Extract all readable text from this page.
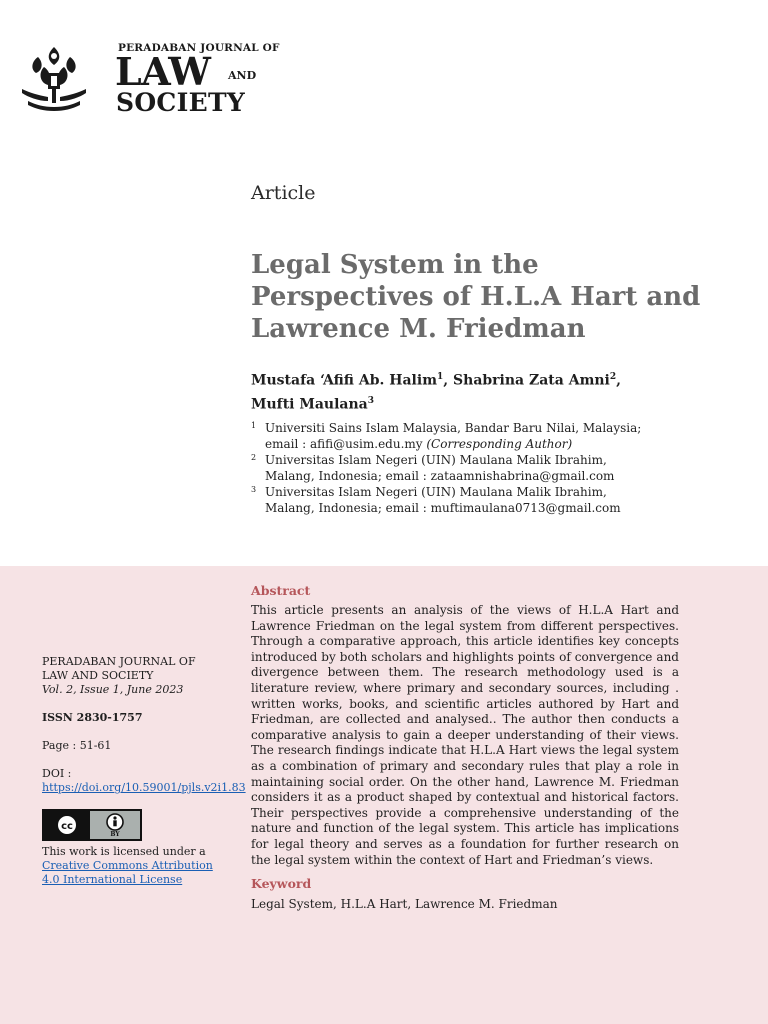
PERADABAN JOURNAL OF
LAW AND
SOCIETY
Article
Legal System in the Perspectives of H.L.A Hart and Lawrence M. Friedman
Mustafa ‘Afifi Ab. Halim$^1$, Shabrina Zata Amni$^2$,
Mufti Maulana$^3$
1 Universiti Sains Islam Malaysia, Bandar Baru Nilai, Malaysia;
email : afifi@usim.edu.my (Corresponding Author)
2 Universitas Islam Negeri (UIN) Maulana Malik Ibrahim,
Malang, Indonesia; email : zataamnishabrina@gmail.com
3 Universitas Islam Negeri (UIN) Maulana Malik Ibrahim,
Malang, Indonesia; email : muftimaulana0713@gmail.com
PERADABAN JOURNAL OF
LAW AND SOCIETY
Vol. 2, Issue 1, June 2023
ISSN 2830-1757
Page : 51-61
DOI : https://doi.org/10.59001/pjls.v2i1.83
cc
BY
This work is licensed under a
Creative Commons Attribution 4.0 International License
Abstract

This article presents an analysis of the views of H.L.A Hart and Lawrence Friedman on the legal system from different perspectives. Through a comparative approach, this article identifies key concepts introduced by both scholars and highlights points of convergence and divergence between them. The research methodology used is a literature review, where primary and secondary sources, including . written works, books, and scientific articles authored by Hart and Friedman, are collected and analysed.. The author then conducts a comparative analysis to gain a deeper understanding of their views. The research findings indicate that H.L.A Hart views the legal system as a combination of primary and secondary rules that play a role in maintaining social order. On the other hand, Lawrence M. Friedman considers it as a product shaped by contextual and historical factors. Their perspectives provide a comprehensive understanding of the nature and function of the legal system. This article has implications for legal theory and serves as a foundation for further research on the legal system within the context of Hart and Friedman’s views.

Keyword
Legal System, H.L.A Hart, Lawrence M. Friedman
